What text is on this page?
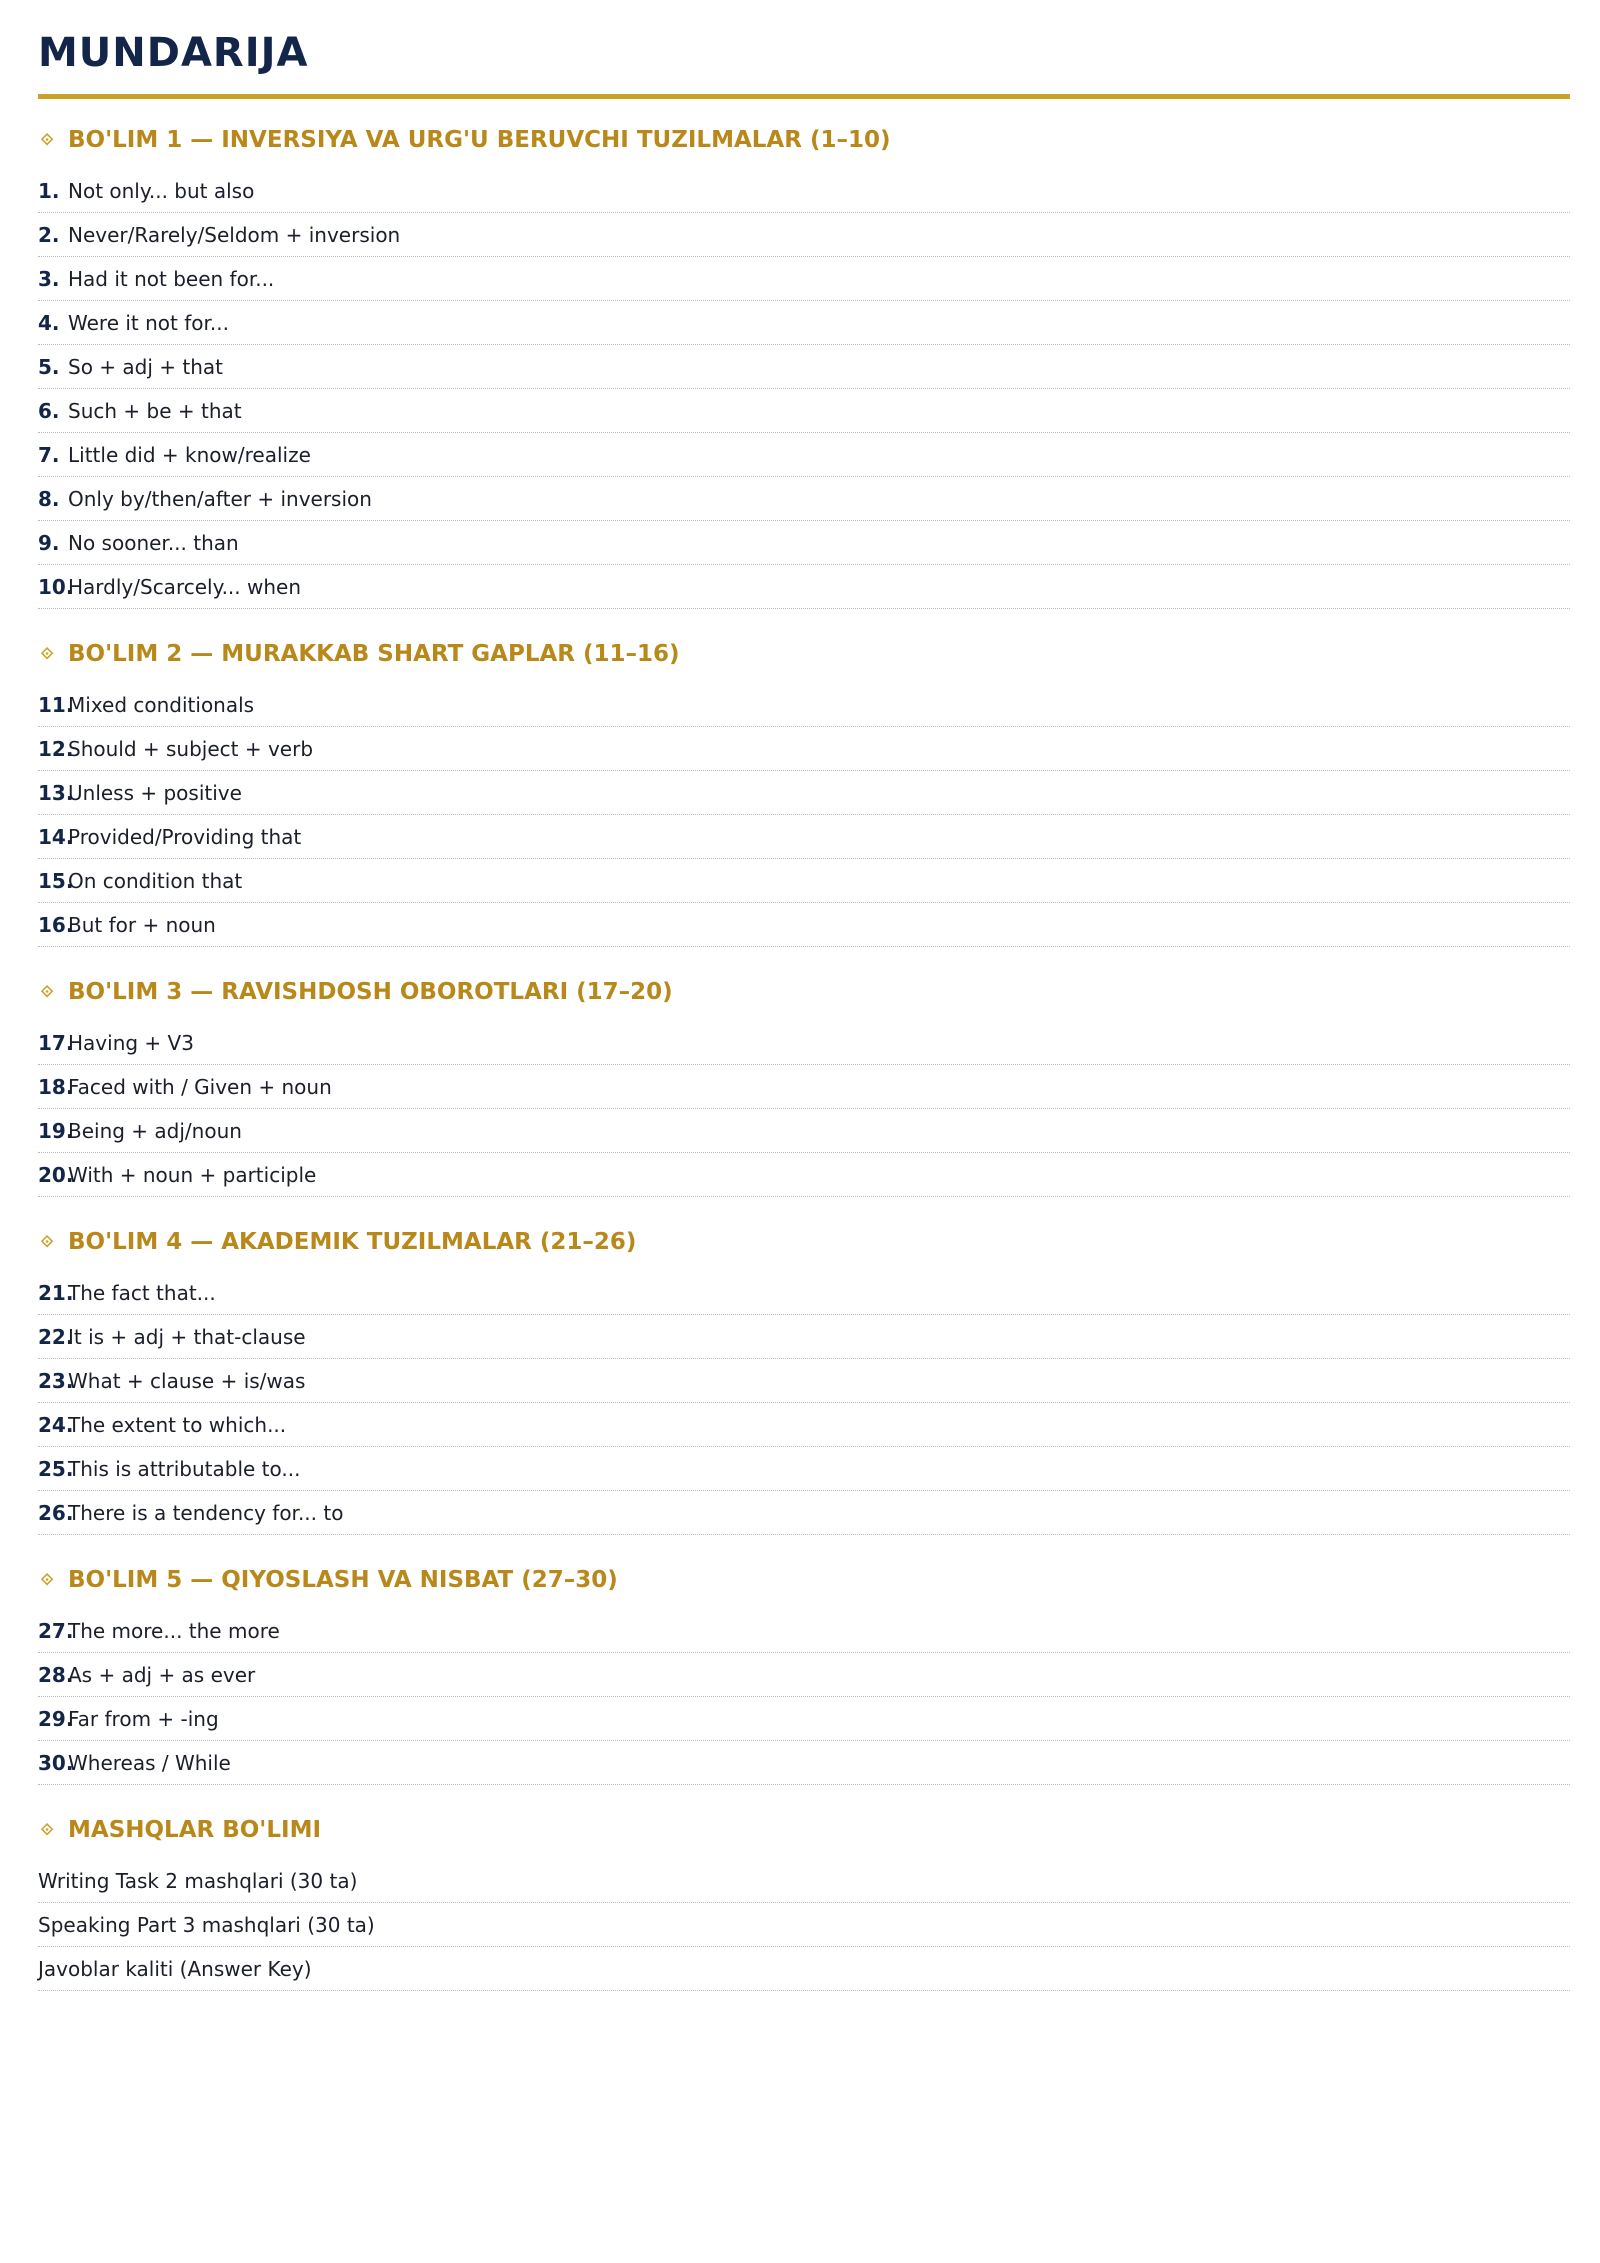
MUNDARIJA
⟐ BO'LIM 1 — INVERSIYA VA URG'U BERUVCHI TUZILMALAR (1–10)
1. Not only... but also
2. Never/Rarely/Seldom + inversion
3. Had it not been for...
4. Were it not for...
5. So + adj + that
6. Such + be + that
7. Little did + know/realize
8. Only by/then/after + inversion
9. No sooner... than
10.
Hardly/Scarcely... when
⟐ BO'LIM 2 — MURAKKAB SHART GAPLAR (11–16)
11.
Mixed conditionals
12.
Should + subject + verb
13.
Unless + positive
14.
Provided/Providing that
15.
On condition that
16.
But for + noun
⟐ BO'LIM 3 — RAVISHDOSH OBOROTLARI (17–20)
17.
Having + V3
18.
Faced with / Given + noun
19.
Being + adj/noun
20.
With + noun + participle
⟐ BO'LIM 4 — AKADEMIK TUZILMALAR (21–26)
21.
The fact that...
22.
It is + adj + that-clause
23.
What + clause + is/was
24.
The extent to which...
25.
This is attributable to...
26.
There is a tendency for... to
⟐ BO'LIM 5 — QIYOSLASH VA NISBAT (27–30)
27.
The more... the more
28.
As + adj + as ever
29.
Far from + -ing
30.
Whereas / While
⟐ MASHQLAR BO'LIMI
Writing Task 2 mashqlari (30 ta)
Speaking Part 3 mashqlari (30 ta)
Javoblar kaliti (Answer Key)
